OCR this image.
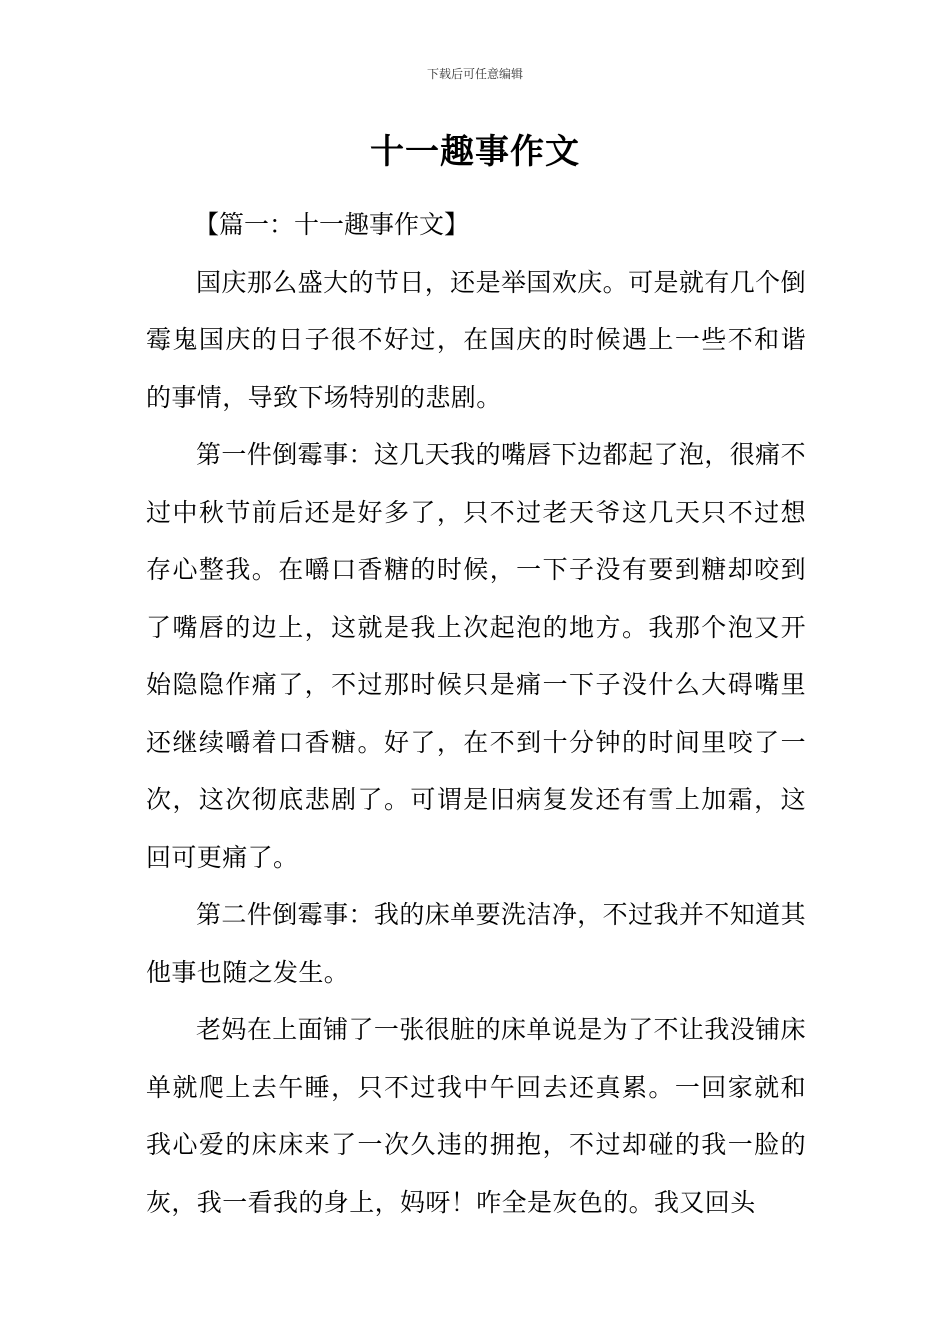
下载后可任意编辑
十一趣事作文

【篇一：十一趣事作文】

国庆那么盛大的节日，还是举国欢庆。可是就有几个倒霉鬼国庆的日子很不好过，在国庆的时候遇上一些不和谐的事情，导致下场特别的悲剧。

第一件倒霉事：这几天我的嘴唇下边都起了泡，很痛不过中秋节前后还是好多了，只不过老天爷这几天只不过想存心整我。在嚼口香糖的时候，一下子没有要到糖却咬到了嘴唇的边上，这就是我上次起泡的地方。我那个泡又开始隐隐作痛了，不过那时候只是痛一下子没什么大碍嘴里还继续嚼着口香糖。好了，在不到十分钟的时间里咬了一次，这次彻底悲剧了。可谓是旧病复发还有雪上加霜，这回可更痛了。

第二件倒霉事：我的床单要洗洁净，不过我并不知道其他事也随之发生。

老妈在上面铺了一张很脏的床单说是为了不让我没铺床单就爬上去午睡，只不过我中午回去还真累。一回家就和我心爱的床床来了一次久违的拥抱，不过却碰的我一脸的灰，我一看我的身上，妈呀！咋全是灰色的。我又回头
